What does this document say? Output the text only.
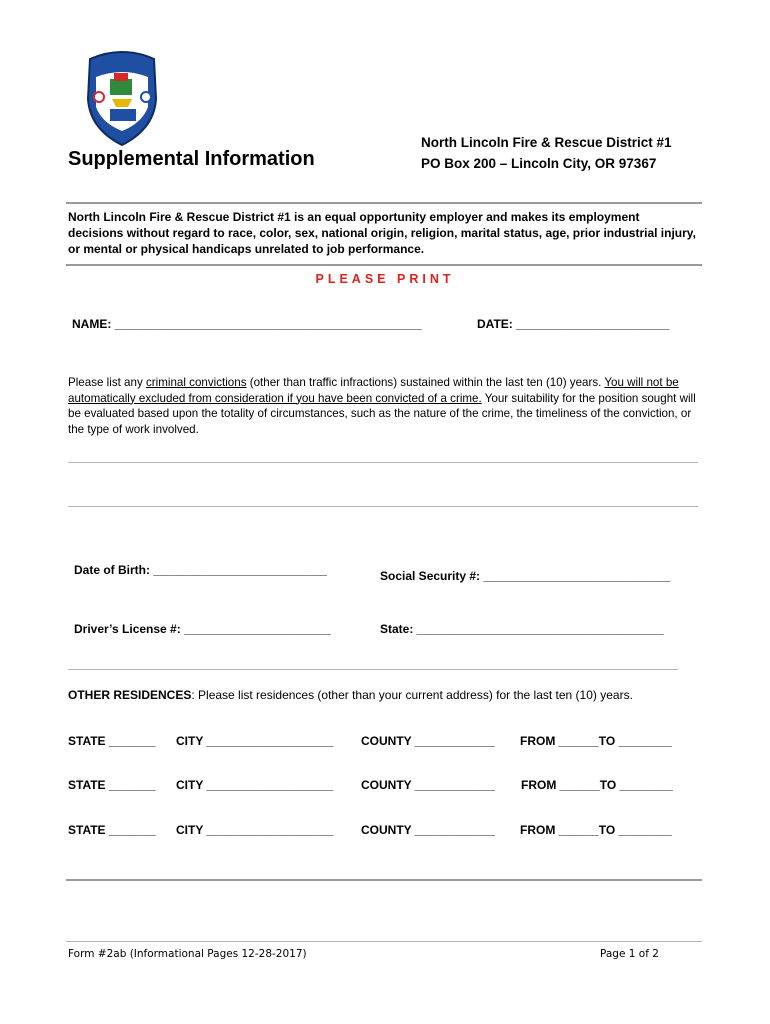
Supplemental Information
North Lincoln Fire & Rescue District #1
PO Box 200 – Lincoln City, OR 97367
North Lincoln Fire & Rescue District #1 is an equal opportunity employer and makes its employment decisions without regard to race, color, sex, national origin, religion, marital status, age, prior industrial injury, or mental or physical handicaps unrelated to job performance.
PLEASE PRINT
NAME: ______________________________________________	DATE: _______________________
Please list any criminal convictions (other than traffic infractions) sustained within the last ten (10) years. You will not be automatically excluded from consideration if you have been convicted of a crime. Your suitability for the position sought will be evaluated based upon the totality of circumstances, such as the nature of the crime, the timeliness of the conviction, or the type of work involved.
Date of Birth: __________________________	Social Security #: ____________________________
Driver’s License #: ______________________	State: _____________________________________
OTHER RESIDENCES: Please list residences (other than your current address) for the last ten (10) years.
STATE _______ CITY ___________________ COUNTY ____________ FROM ______TO ________
STATE _______ CITY ___________________ COUNTY ____________ FROM ______TO ________
STATE _______ CITY ___________________ COUNTY ____________ FROM ______TO ________
Form #2ab (Informational Pages 12-28-2017)	Page 1 of 2
